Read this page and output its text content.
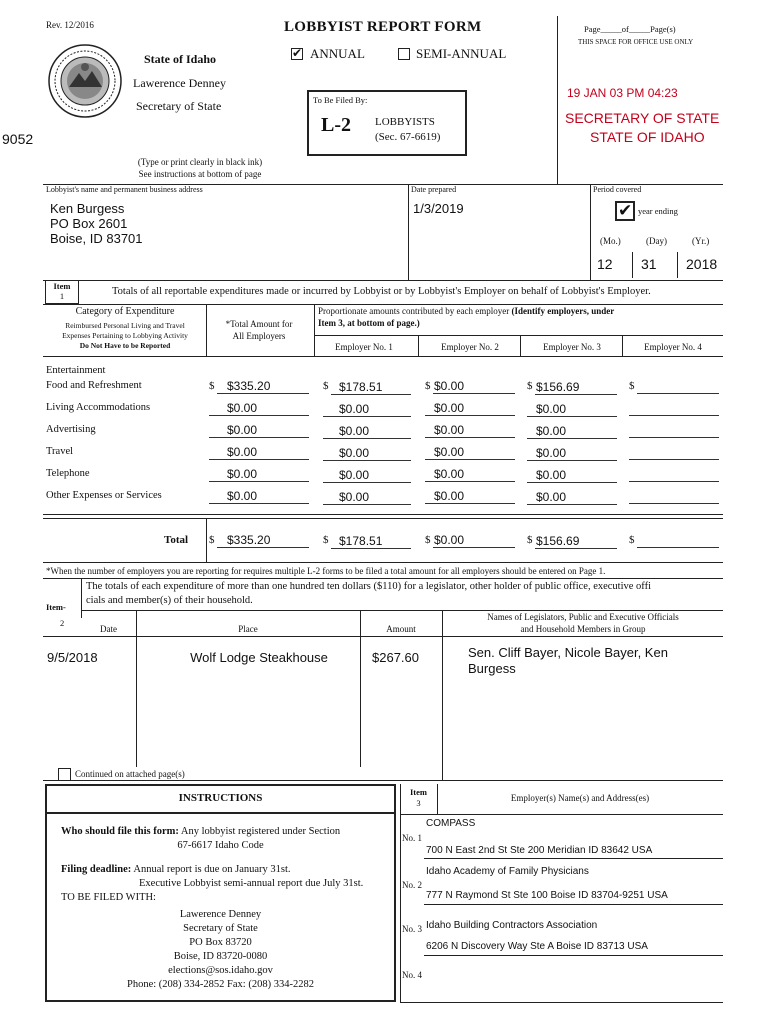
Rev. 12/2016	LOBBYIST REPORT FORM
✔ ANNUAL	SEMI-ANNUAL
State of Idaho
Lawerence Denney
Secretary of State
9052
(Type or print clearly in black ink)
See instructions at bottom of page
To Be Filed By:
L-2 LOBBYISTS
(Sec. 67-6619)
Page_____of_____Page(s)
THIS SPACE FOR OFFICE USE ONLY
19 JAN 03 PM 04:23
SECRETARY OF STATE
STATE OF IDAHO
Lobbyist's name and permanent business address
Ken Burgess
PO Box 2601
Boise, ID 83701
Date prepared
1/3/2019
Period covered
✔ year ending
(Mo.)	(Day)	(Yr.)
12 31 2018
Item
1	Totals of all reportable expenditures made or incurred by Lobbyist or by Lobbyist's Employer on behalf of Lobbyist's Employer.
Category of Expenditure
Reimbursed Personal Living and Travel
Expenses Pertaining to Lobbying Activity
Do Not Have to be Reported
*Total Amount for
All Employers
Proportionate amounts contributed by each employer (Identify employers, under
Item 3, at bottom of page.)
Employer No. 1	Employer No. 2	Employer No. 3	Employer No. 4
Entertainment
Food and Refreshment	$ $335.20	$ $178.51	$ $0.00	$ $156.69	$
Living Accommodations	$0.00	$0.00	$0.00	$0.00
Advertising	$0.00	$0.00	$0.00	$0.00
Travel	$0.00	$0.00	$0.00	$0.00
Telephone	$0.00	$0.00	$0.00	$0.00
Other Expenses or Services	$0.00	$0.00	$0.00	$0.00
Total $ $335.20	$ $178.51	$ $0.00	$ $156.69	$
*When the number of employers you are reporting for requires multiple L-2 forms to be filed a total amount for all employers should be entered on Page 1.
Item-
2
The totals of each expenditure of more than one hundred ten dollars ($110) for a legislator, other holder of public office, executive offi
cials and member(s) of their household.
Date	Place	Amount
Names of Legislators, Public and Executive Officials
and Household Members in Group
9/5/2018	Wolf Lodge Steakhouse	$267.60	Sen. Cliff Bayer, Nicole Bayer, Ken
Burgess
Continued on attached page(s)
INSTRUCTIONS
Who should file this form: Any lobbyist registered under Section
67-6617 Idaho Code
Filing deadline: Annual report is due on January 31st.
Executive Lobbyist semi-annual report due July 31st.
TO BE FILED WITH:
Lawerence Denney
Secretary of State
PO Box 83720
Boise, ID 83720-0080
elections@sos.idaho.gov
Phone: (208) 334-2852 Fax: (208) 334-2282
Item
3	Employer(s) Name(s) and Address(es)
No. 1
COMPASS
700 N East 2nd St Ste 200 Meridian ID 83642 USA
No. 2
Idaho Academy of Family Physicians
777 N Raymond St Ste 100 Boise ID 83704-9251 USA
No. 3 Idaho Building Contractors Association
6206 N Discovery Way Ste A Boise ID 83713 USA
No. 4
